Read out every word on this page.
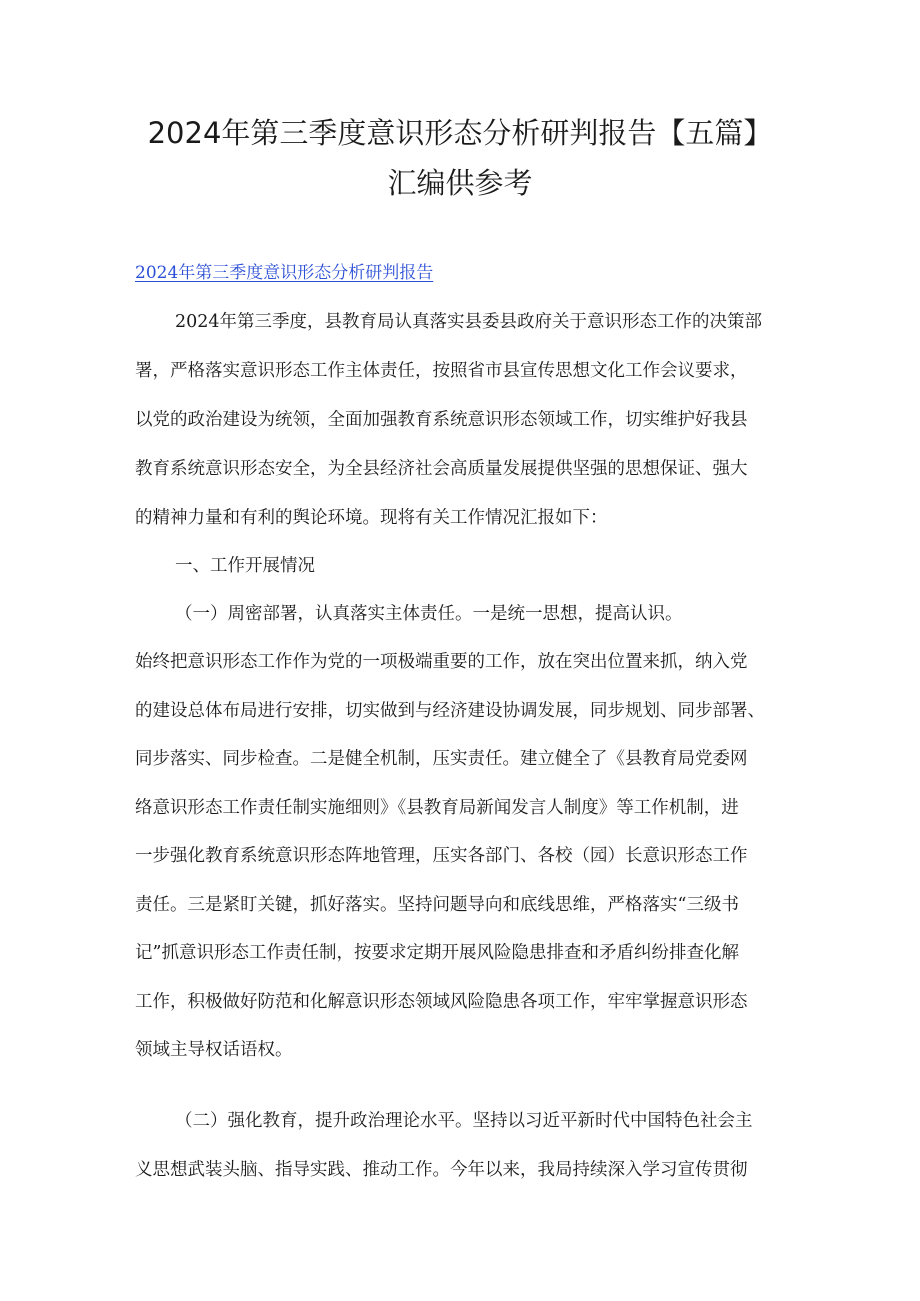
2024年第三季度意识形态分析研判报告【五篇】
汇编供参考
2024年第三季度意识形态分析研判报告
2024年第三季度，县教育局认真落实县委县政府关于意识形态工作的决策部
署，严格落实意识形态工作主体责任，按照省市县宣传思想文化工作会议要求，
以党的政治建设为统领，全面加强教育系统意识形态领域工作，切实维护好我县
教育系统意识形态安全，为全县经济社会高质量发展提供坚强的思想保证、强大
的精神力量和有利的舆论环境。现将有关工作情况汇报如下：
一、工作开展情况
（一）周密部署，认真落实主体责任。一是统一思想，提高认识。
始终把意识形态工作作为党的一项极端重要的工作，放在突出位置来抓，纳入党
的建设总体布局进行安排，切实做到与经济建设协调发展，同步规划、同步部署、
同步落实、同步检查。二是健全机制，压实责任。建立健全了《县教育局党委网
络意识形态工作责任制实施细则》《县教育局新闻发言人制度》等工作机制，进
一步强化教育系统意识形态阵地管理，压实各部门、各校（园）长意识形态工作
责任。三是紧盯关键，抓好落实。坚持问题导向和底线思维，严格落实“三级书
记”抓意识形态工作责任制，按要求定期开展风险隐患排查和矛盾纠纷排查化解
工作，积极做好防范和化解意识形态领域风险隐患各项工作，牢牢掌握意识形态
领域主导权话语权。
（二）强化教育，提升政治理论水平。坚持以习近平新时代中国特色社会主
义思想武装头脑、指导实践、推动工作。今年以来，我局持续深入学习宣传贯彻
